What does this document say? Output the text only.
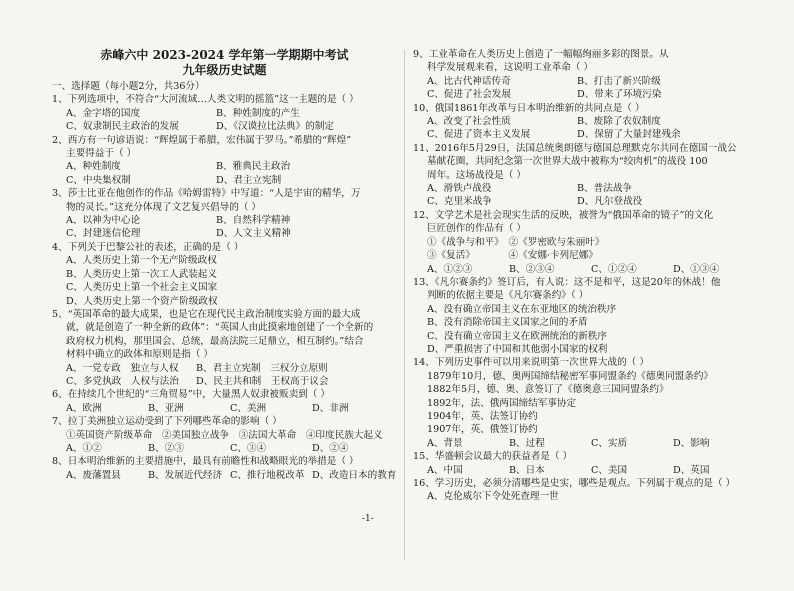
赤峰六中 2023-2024 学年第一学期期中考试
九年级历史试题
一、选择题（每小题2分，共36分）
1、下列选项中，不符合“大河流域…人类文明的摇篮”这一主题的是（ ）
A、金字塔的国度	B、种姓制度的产生
C、奴隶制民主政治的发展	D、《汉谟拉比法典》的制定
2、西方有一句谚语说：“辉煌属于希腊，宏伟属于罗马。”希腊的“辉煌”
主要得益于（ ）
A、种姓制度	B、雅典民主政治
C、中央集权制	D、君主立宪制
3、莎士比亚在他创作的作品《哈姆雷特》中写道：“人是宇宙的精华，万
物的灵长。”这充分体现了文艺复兴倡导的（ ）
A、以神为中心论	B、自然科学精神
C、封建迷信伦理	D、人文主义精神
4、下列关于巴黎公社的表述，正确的是（ ）
A、人类历史上第一个无产阶级政权
B、人类历史上第一次工人武装起义
C、人类历史上第一个社会主义国家
D、人类历史上第一个资产阶级政权
5、“英国革命的最大成果，也是它在现代民主政治制度实验方面的最大成
就，就是创造了一种全新的政体”：“英国人由此摸索地创建了一个全新的
政府权力机构，那里国会、总统，最高法院三足鼎立，相互制约。”结合
材料中确立的政体和原则是指（ ）
A、一党专政　独立与人权	B、君主立宪制　三权分立原则
C、多党执政　人权与法治	D、民主共和制　王权高于议会
6、在持续几个世纪的“三角贸易”中，大量黑人奴隶被贩卖到（ ）
A、欧洲	B、亚洲	C、美洲	D、非洲
7、拉丁美洲独立运动受到了下列哪些革命的影响（ ）
①英国资产阶级革命　②美国独立战争　③法国大革命　④印度民族大起义
A、①②	B、②③	C、③④	D、②④
8、日本明治维新的主要措施中，最具有前瞻性和战略眼光的举措是（ ）
A、废藩置县	B、发展近代经济 C、推行地税改革 D、改造日本的教育
9、工业革命在人类历史上创造了一幅幅绚丽多彩的图景。从
科学发展观来看，这说明工业革命（ ）
A、比古代神话传奇	B、打击了新兴阶级
C、促进了社会发展	D、带来了环境污染
10、俄国1861年改革与日本明治维新的共同点是（ ）
A、改变了社会性质	B、废除了农奴制度
C、促进了资本主义发展	D、保留了大量封建残余
11、2016年5月29日，法国总统奥朗德与德国总理默克尔共同在德国一战公
墓献花圈，共同纪念第一次世界大战中被称为“绞肉机”的战役 100
周年。这场战役是（ ）
A、滑铁卢战役	B、普法战争
C、克里米战争	D、凡尔登战役
12、文学艺术是社会现实生活的反映，被誉为“俄国革命的镜子”的文化
巨匠创作的作品有（ ）
①《战争与和平》　②《罗密欧与朱丽叶》
③《复活》　　　　④《安娜·卡列尼娜》
A、①②③	B、②③④	C、①②④	D、①③④
13、《凡尔赛条约》签订后，有人说：这不是和平，这是20年的休战！他
判断的依据主要是《凡尔赛条约》（ ）
A、没有确立帝国主义在东亚地区的统治秩序
B、没有消除帝国主义国家之间的矛盾
C、没有确立帝国主义在欧洲统治的新秩序
D、严重损害了中国和其他弱小国家的权利
14、下列历史事件可以用来说明第一次世界大战的（ ）
1879年10月，德、奥两国缔结秘密军事同盟条约《德奥同盟条约》
1882年5月，德、奥、意签订了《德奥意三国同盟条约》
1892年，法、俄两国缔结军事协定
1904年，英、法签订协约
1907年，英、俄签订协约
A、背景	B、过程	C、实质	D、影响
15、华盛顿会议最大的获益者是（ ）
A、中国	B、日本	C、美国	D、英国
16、学习历史，必须分清哪些是史实，哪些是观点。下列属于观点的是（ ）
A、克伦威尔下令处死查理一世
-1-
